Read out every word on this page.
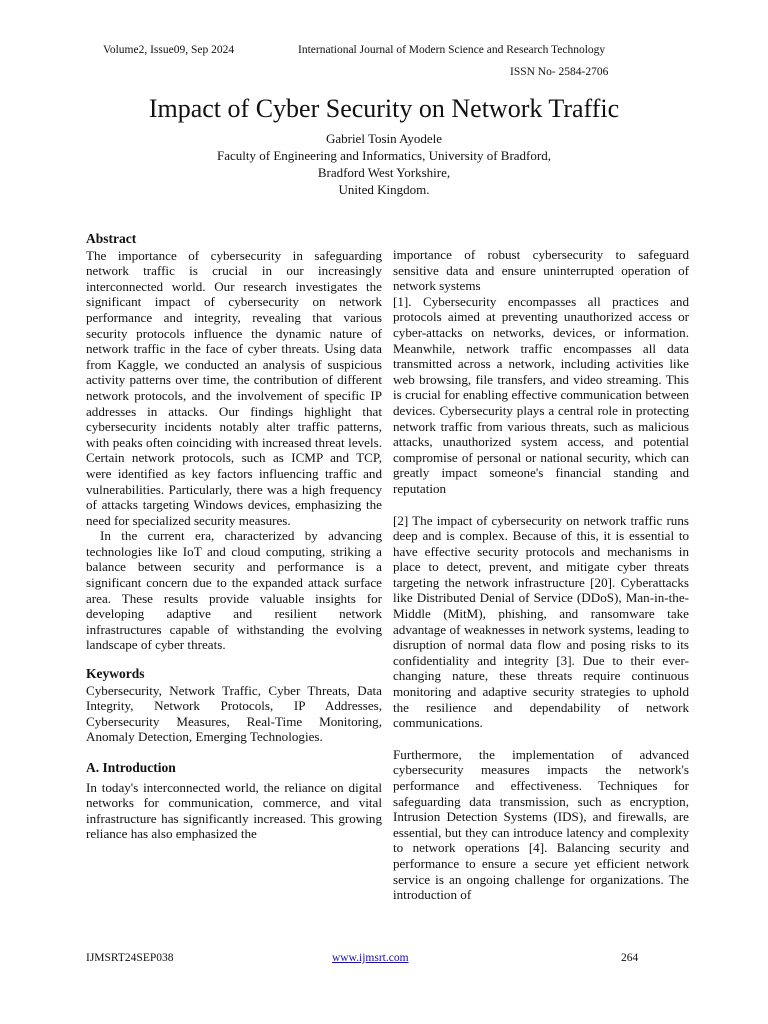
Volume2, Issue09, Sep 2024	International Journal of Modern Science and Research Technology
ISSN No- 2584-2706
Impact of Cyber Security on Network Traffic
Gabriel Tosin Ayodele
Faculty of Engineering and Informatics, University of Bradford,
Bradford West Yorkshire,
United Kingdom.
Abstract

The importance of cybersecurity in safeguarding network traffic is crucial in our increasingly interconnected world. Our research investigates the significant impact of cybersecurity on network performance and integrity, revealing that various security protocols influence the dynamic nature of network traffic in the face of cyber threats. Using data from Kaggle, we conducted an analysis of suspicious activity patterns over time, the contribution of different network protocols, and the involvement of specific IP addresses in attacks. Our findings highlight that cybersecurity incidents notably alter traffic patterns, with peaks often coinciding with increased threat levels. Certain network protocols, such as ICMP and TCP, were identified as key factors influencing traffic and vulnerabilities. Particularly, there was a high frequency of attacks targeting Windows devices, emphasizing the need for specialized security measures.

In the current era, characterized by advancing technologies like IoT and cloud computing, striking a balance between security and performance is a significant concern due to the expanded attack surface area. These results provide valuable insights for developing adaptive and resilient network infrastructures capable of withstanding the evolving landscape of cyber threats.

Keywords

Cybersecurity, Network Traffic, Cyber Threats, Data Integrity, Network Protocols, IP Addresses, Cybersecurity Measures, Real-Time Monitoring, Anomaly Detection, Emerging Technologies.

A. Introduction

In today's interconnected world, the reliance on digital networks for communication, commerce, and vital infrastructure has significantly increased. This growing reliance has also emphasized the

importance of robust cybersecurity to safeguard sensitive data and ensure uninterrupted operation of network systems

[1]. Cybersecurity encompasses all practices and protocols aimed at preventing unauthorized access or cyber-attacks on networks, devices, or information. Meanwhile, network traffic encompasses all data transmitted across a network, including activities like web browsing, file transfers, and video streaming. This is crucial for enabling effective communication between devices. Cybersecurity plays a central role in protecting network traffic from various threats, such as malicious attacks, unauthorized system access, and potential compromise of personal or national security, which can greatly impact someone's financial standing and reputation

[2] The impact of cybersecurity on network traffic runs deep and is complex. Because of this, it is essential to have effective security protocols and mechanisms in place to detect, prevent, and mitigate cyber threats targeting the network infrastructure [20]. Cyberattacks like Distributed Denial of Service (DDoS), Man-in-the-Middle (MitM), phishing, and ransomware take advantage of weaknesses in network systems, leading to disruption of normal data flow and posing risks to its confidentiality and integrity [3]. Due to their ever-changing nature, these threats require continuous monitoring and adaptive security strategies to uphold the resilience and dependability of network communications.

Furthermore, the implementation of advanced cybersecurity measures impacts the network's performance and effectiveness. Techniques for safeguarding data transmission, such as encryption, Intrusion Detection Systems (IDS), and firewalls, are essential, but they can introduce latency and complexity to network operations [4]. Balancing security and performance to ensure a secure yet efficient network service is an ongoing challenge for organizations. The introduction of

IJMSRT24SEP038	www.ijmsrt.com	264
